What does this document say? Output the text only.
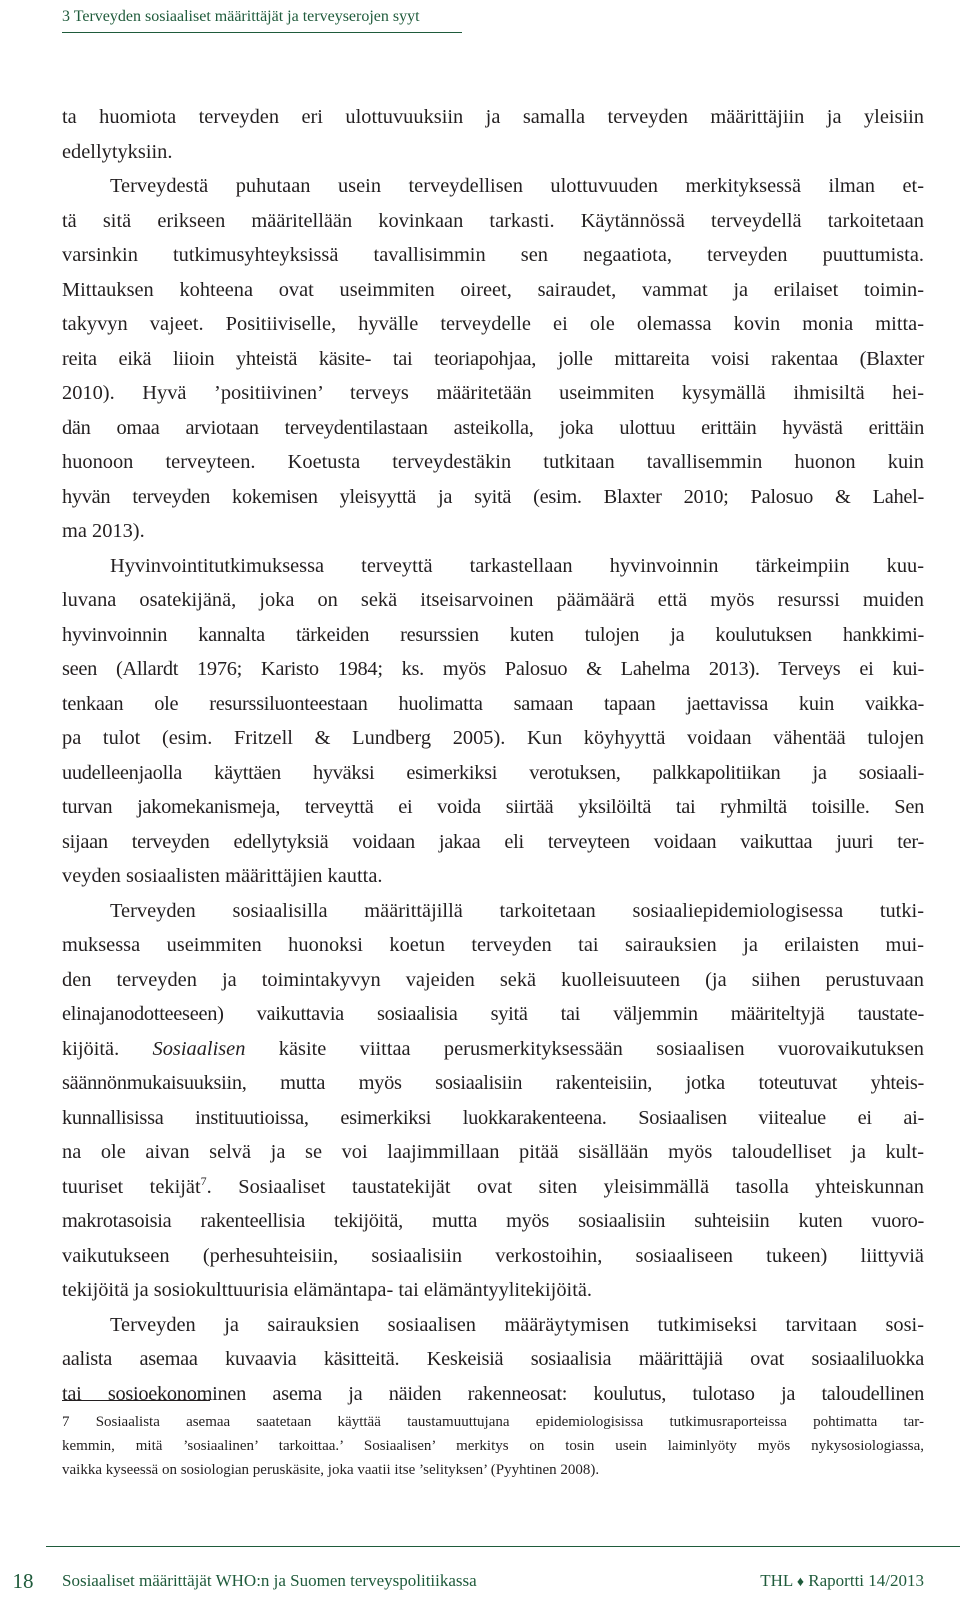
3 Terveyden sosiaaliset määrittäjät ja terveyserojen syyt
ta huomiota terveyden eri ulottuvuuksiin ja samalla terveyden määrittäjiin ja yleisiin
edellytyksiin.
Terveydestä puhutaan usein terveydellisen ulottuvuuden merkityksessä ilman et-
tä sitä erikseen määritellään kovinkaan tarkasti. Käytännössä terveydellä tarkoitetaan
varsinkin tutkimusyhteyksissä tavallisimmin sen negaatiota, terveyden puuttumista.
Mittauksen kohteena ovat useimmiten oireet, sairaudet, vammat ja erilaiset toimin-
takyvyn vajeet. Positiiviselle, hyvälle terveydelle ei ole olemassa kovin monia mitta-
reita eikä liioin yhteistä käsite- tai teoriapohjaa, jolle mittareita voisi rakentaa (Blaxter
2010). Hyvä ’positiivinen’ terveys määritetään useimmiten kysymällä ihmisiltä hei-
dän omaa arviotaan terveydentilastaan asteikolla, joka ulottuu erittäin hyvästä erittäin
huonoon terveyteen. Koetusta terveydestäkin tutkitaan tavallisemmin huonon kuin
hyvän terveyden kokemisen yleisyyttä ja syitä (esim. Blaxter 2010; Palosuo & Lahel-
ma 2013).
Hyvinvointitutkimuksessa terveyttä tarkastellaan hyvinvoinnin tärkeimpiin kuu-
luvana osatekijänä, joka on sekä itseisarvoinen päämäärä että myös resurssi muiden
hyvinvoinnin kannalta tärkeiden resurssien kuten tulojen ja koulutuksen hankkimi-
seen (Allardt 1976; Karisto 1984; ks. myös Palosuo & Lahelma 2013). Terveys ei kui-
tenkaan ole resurssiluonteestaan huolimatta samaan tapaan jaettavissa kuin vaikka-
pa tulot (esim. Fritzell & Lundberg 2005). Kun köyhyyttä voidaan vähentää tulojen
uudelleenjaolla käyttäen hyväksi esimerkiksi verotuksen, palkkapolitiikan ja sosiaali-
turvan jakomekanismeja, terveyttä ei voida siirtää yksilöiltä tai ryhmiltä toisille. Sen
sijaan terveyden edellytyksiä voidaan jakaa eli terveyteen voidaan vaikuttaa juuri ter-
veyden sosiaalisten määrittäjien kautta.
Terveyden sosiaalisilla määrittäjillä tarkoitetaan sosiaaliepidemiologisessa tutki-
muksessa useimmiten huonoksi koetun terveyden tai sairauksien ja erilaisten mui-
den terveyden ja toimintakyvyn vajeiden sekä kuolleisuuteen (ja siihen perustuvaan
elinajanodotteeseen) vaikuttavia sosiaalisia syitä tai väljemmin määriteltyjä taustate-
kijöitä. Sosiaalisen käsite viittaa perusmerkityksessään sosiaalisen vuorovaikutuksen
säännönmukaisuuksiin, mutta myös sosiaalisiin rakenteisiin, jotka toteutuvat yhteis-
kunnallisissa instituutioissa, esimerkiksi luokkarakenteena. Sosiaalisen viitealue ei ai-
na ole aivan selvä ja se voi laajimmillaan pitää sisällään myös taloudelliset ja kult-
tuuriset tekijät$^7$. Sosiaaliset taustatekijät ovat siten yleisimmällä tasolla yhteiskunnan
makrotasoisia rakenteellisia tekijöitä, mutta myös sosiaalisiin suhteisiin kuten vuoro-
vaikutukseen (perhesuhteisiin, sosiaalisiin verkostoihin, sosiaaliseen tukeen) liittyviä
tekijöitä ja sosiokulttuurisia elämäntapa- tai elämäntyylitekijöitä.
Terveyden ja sairauksien sosiaalisen määräytymisen tutkimiseksi tarvitaan sosi-
aalista asemaa kuvaavia käsitteitä. Keskeisiä sosiaalisia määrittäjiä ovat sosiaaliluokka
tai sosioekonominen asema ja näiden rakenneosat: koulutus, tulotaso ja taloudellinen
7 Sosiaalista asemaa saatetaan käyttää taustamuuttujana epidemiologisissa tutkimusraporteissa pohtimatta tar-
kemmin, mitä ’sosiaalinen’ tarkoittaa.’ Sosiaalisen’ merkitys on tosin usein laiminlyöty myös nykysosiologiassa,
vaikka kyseessä on sosiologian peruskäsite, joka vaatii itse ’selityksen’ (Pyyhtinen 2008).
18	Sosiaaliset määrittäjät WHO:n ja Suomen terveyspolitiikassa	THL ♦ Raportti 14/2013
